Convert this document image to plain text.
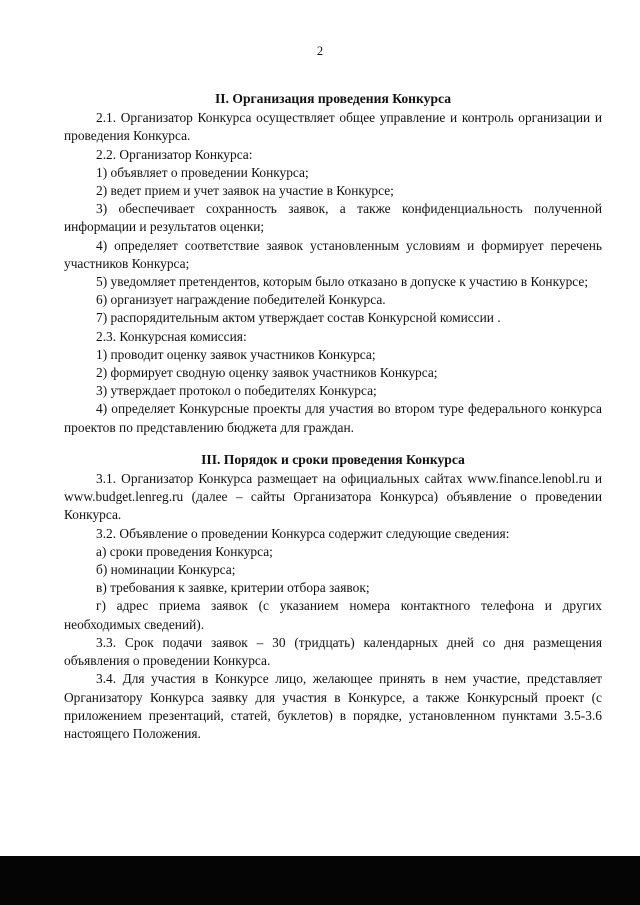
2
II. Организация проведения Конкурса

2.1. Организатор Конкурса осуществляет общее управление и контроль организации и проведения Конкурса.

2.2. Организатор Конкурса:

1) объявляет о проведении Конкурса;

2) ведет прием и учет заявок на участие в Конкурсе;

3) обеспечивает сохранность заявок, а также конфиденциальность полученной информации и результатов оценки;

4) определяет соответствие заявок установленным условиям и формирует перечень участников Конкурса;

5) уведомляет претендентов, которым было отказано в допуске к участию в Конкурсе;

6) организует награждение победителей Конкурса.

7) распорядительным актом утверждает состав Конкурсной комиссии .

2.3. Конкурсная комиссия:

1) проводит оценку заявок участников Конкурса;

2) формирует сводную оценку заявок участников Конкурса;

3) утверждает протокол о победителях Конкурса;

4) определяет Конкурсные проекты для участия во втором туре федерального конкурса проектов по представлению бюджета для граждан.

III. Порядок и сроки проведения Конкурса

3.1. Организатор Конкурса размещает на официальных сайтах www.finance.lenobl.ru и www.budget.lenreg.ru (далее – сайты Организатора Конкурса) объявление о проведении Конкурса.

3.2. Объявление о проведении Конкурса содержит следующие сведения:

а) сроки проведения Конкурса;

б) номинации Конкурса;

в) требования к заявке, критерии отбора заявок;

г) адрес приема заявок (с указанием номера контактного телефона и других необходимых сведений).

3.3. Срок подачи заявок – 30 (тридцать) календарных дней со дня размещения объявления о проведении Конкурса.

3.4. Для участия в Конкурсе лицо, желающее принять в нем участие, представляет Организатору Конкурса заявку для участия в Конкурсе, а также Конкурсный проект (с приложением презентаций, статей, буклетов) в порядке, установленном пунктами 3.5-3.6 настоящего Положения.
